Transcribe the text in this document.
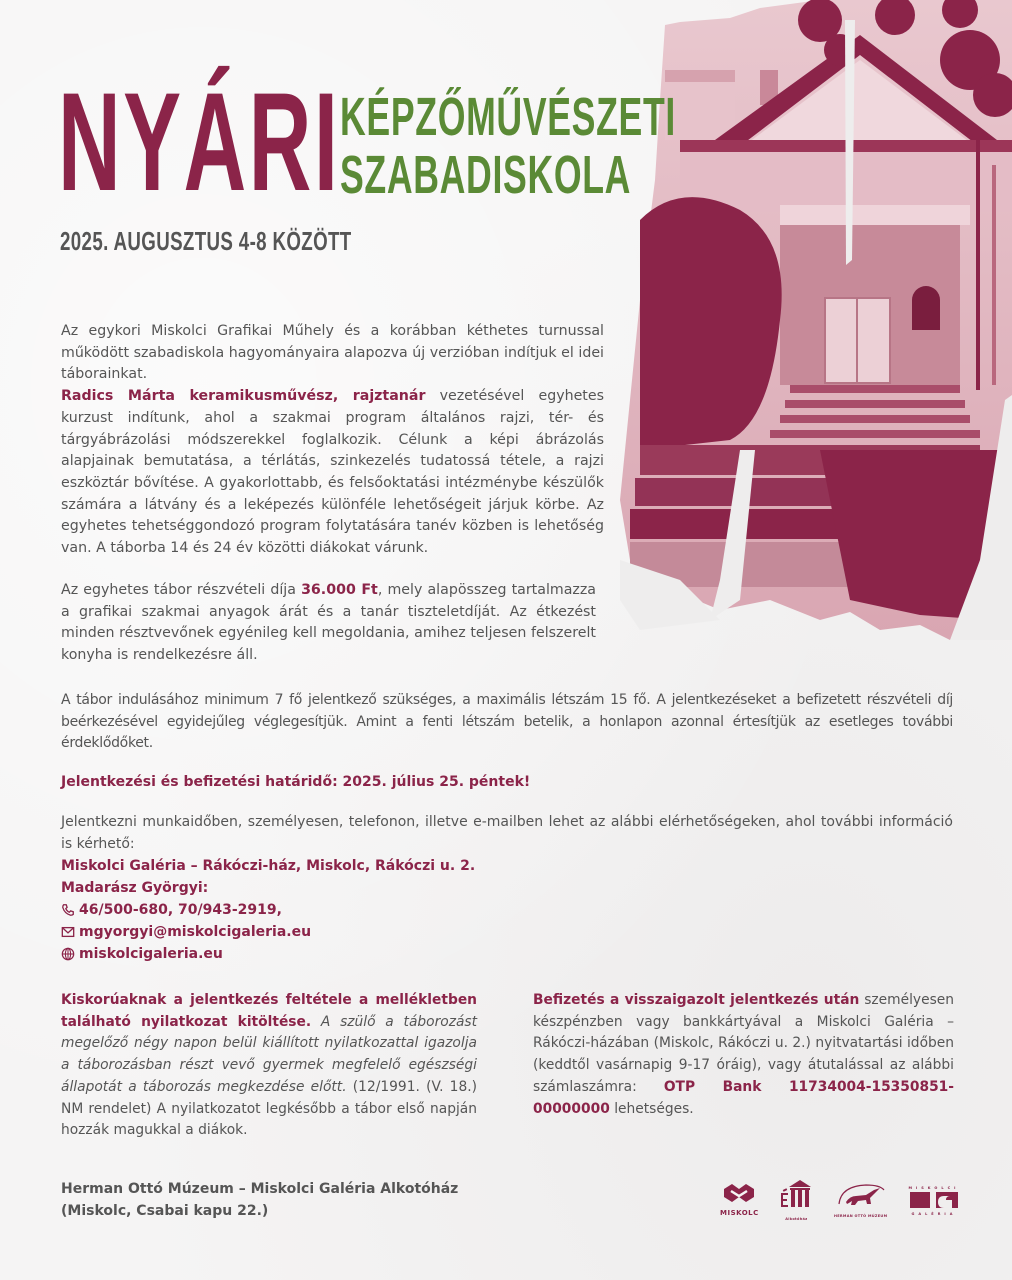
NYÁRI KÉPZŐMŰVÉSZETI
SZABADISKOLA
2025. AUGUSZTUS 4-8 KÖZÖTT

Az egykori Miskolci Grafikai Műhely és a korábban kéthetes turnussal működött szabadiskola hagyományaira alapozva új verzióban indítjuk el idei táborainkat.

Radics Márta keramikusművész, rajztanár vezetésével egyhetes kurzust indítunk, ahol a szakmai program általános rajzi, tér- és tárgyábrázolási módszerekkel foglalkozik. Célunk a képi ábrázolás alapjainak bemutatása, a térlátás, szinkezelés tudatossá tétele, a rajzi eszköztár bővítése. A gyakorlottabb, és felsőoktatási intézménybe készülők számára a látvány és a leképezés különféle lehetőségeit járjuk körbe. Az egyhetes tehetséggondozó program folytatására tanév közben is lehetőség van. A táborba 14 és 24 év közötti diákokat várunk.

Az egyhetes tábor részvételi díja 36.000 Ft, mely alapösszeg tartalmazza a grafikai szakmai anyagok árát és a tanár tiszteletdíját. Az étkezést minden résztvevőnek egyénileg kell megoldania, amihez teljesen felszerelt konyha is rendelkezésre áll.

A tábor indulásához minimum 7 fő jelentkező szükséges, a maximális létszám 15 fő. A jelentkezéseket a befizetett részvételi díj beérkezésével egyidejűleg véglegesítjük. Amint a fenti létszám betelik, a honlapon azonnal értesítjük az esetleges további érdeklődőket.
Jelentkezési és befizetési határidő: 2025. július 25. péntek!

Jelentkezni munkaidőben, személyesen, telefonon, illetve e-mailben lehet az alábbi elérhetőségeken, ahol további információ is kérhető:

Miskolci Galéria – Rákóczi-ház, Miskolc, Rákóczi u. 2.
Madarász Györgyi:
46/500-680, 70/943-2919,
mgyorgyi@miskolcigaleria.eu
miskolcigaleria.eu

Kiskorúaknak a jelentkezés feltétele a mellékletben található nyilatkozat kitöltése. A szülő a táborozást megelőző négy napon belül kiállított nyilatkozattal igazolja a táborozásban részt vevő gyermek megfelelő egészségi állapotát a táborozás megkezdése előtt. (12/1991. (V. 18.) NM rendelet) A nyilatkozatot legkésőbb a tábor első napján hozzák magukkal a diákok.

Befizetés a visszaigazolt jelentkezés után személyesen készpénzben vagy bankkártyával a Miskolci Galéria – Rákóczi-házában (Miskolc, Rákóczi u. 2.) nyitvatartási időben (keddtől vasárnapig 9-17 óráig), vagy átutalással az alábbi számlaszámra: OTP Bank 11734004-15350851-00000000 lehetséges.

Herman Ottó Múzeum – Miskolci Galéria Alkotóház
(Miskolc, Csabai kapu 22.)	MISKOLC
Alkotóház
HERMAN OTTÓ MÚZEUM
MISKOLCI
GALÉRIA
